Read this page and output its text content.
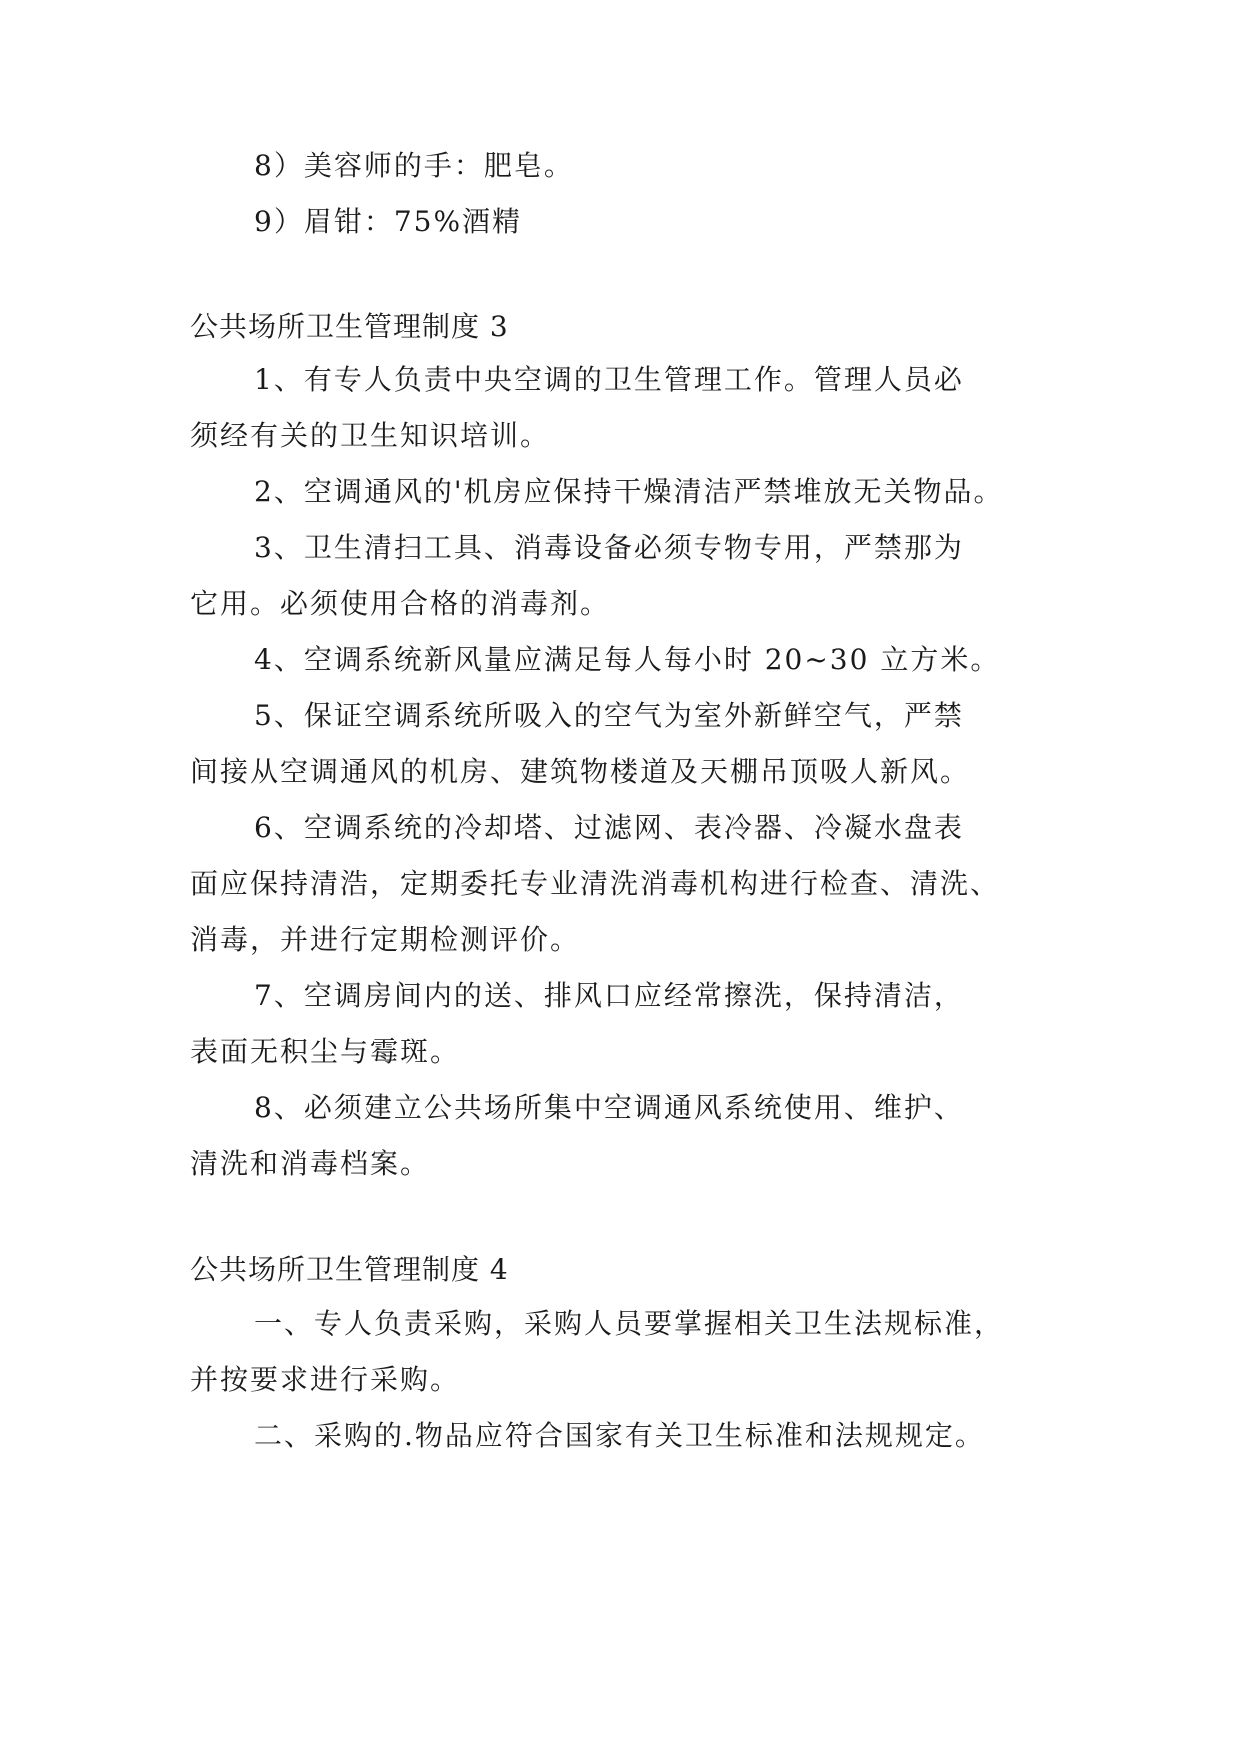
8）美容师的手：肥皂。
9）眉钳：75%酒精
公共场所卫生管理制度 3
1、有专人负责中央空调的卫生管理工作。管理人员必
须经有关的卫生知识培训。
2、空调通风的'机房应保持干燥清洁严禁堆放无关物品。
3、卫生清扫工具、消毒设备必须专物专用，严禁那为
它用。必须使用合格的消毒剂。
4、空调系统新风量应满足每人每小时 20~30 立方米。
5、保证空调系统所吸入的空气为室外新鲜空气，严禁
间接从空调通风的机房、建筑物楼道及天棚吊顶吸人新风。
6、空调系统的冷却塔、过滤网、表冷器、冷凝水盘表
面应保持清浩，定期委托专业清洗消毒机构进行检查、清洗、
消毒，并进行定期检测评价。
7、空调房间内的送、排风口应经常擦洗，保持清洁，
表面无积尘与霉斑。
8、必须建立公共场所集中空调通风系统使用、维护、
清洗和消毒档案。
公共场所卫生管理制度 4
一、专人负责采购，采购人员要掌握相关卫生法规标准，
并按要求进行采购。
二、采购的.物品应符合国家有关卫生标准和法规规定。
